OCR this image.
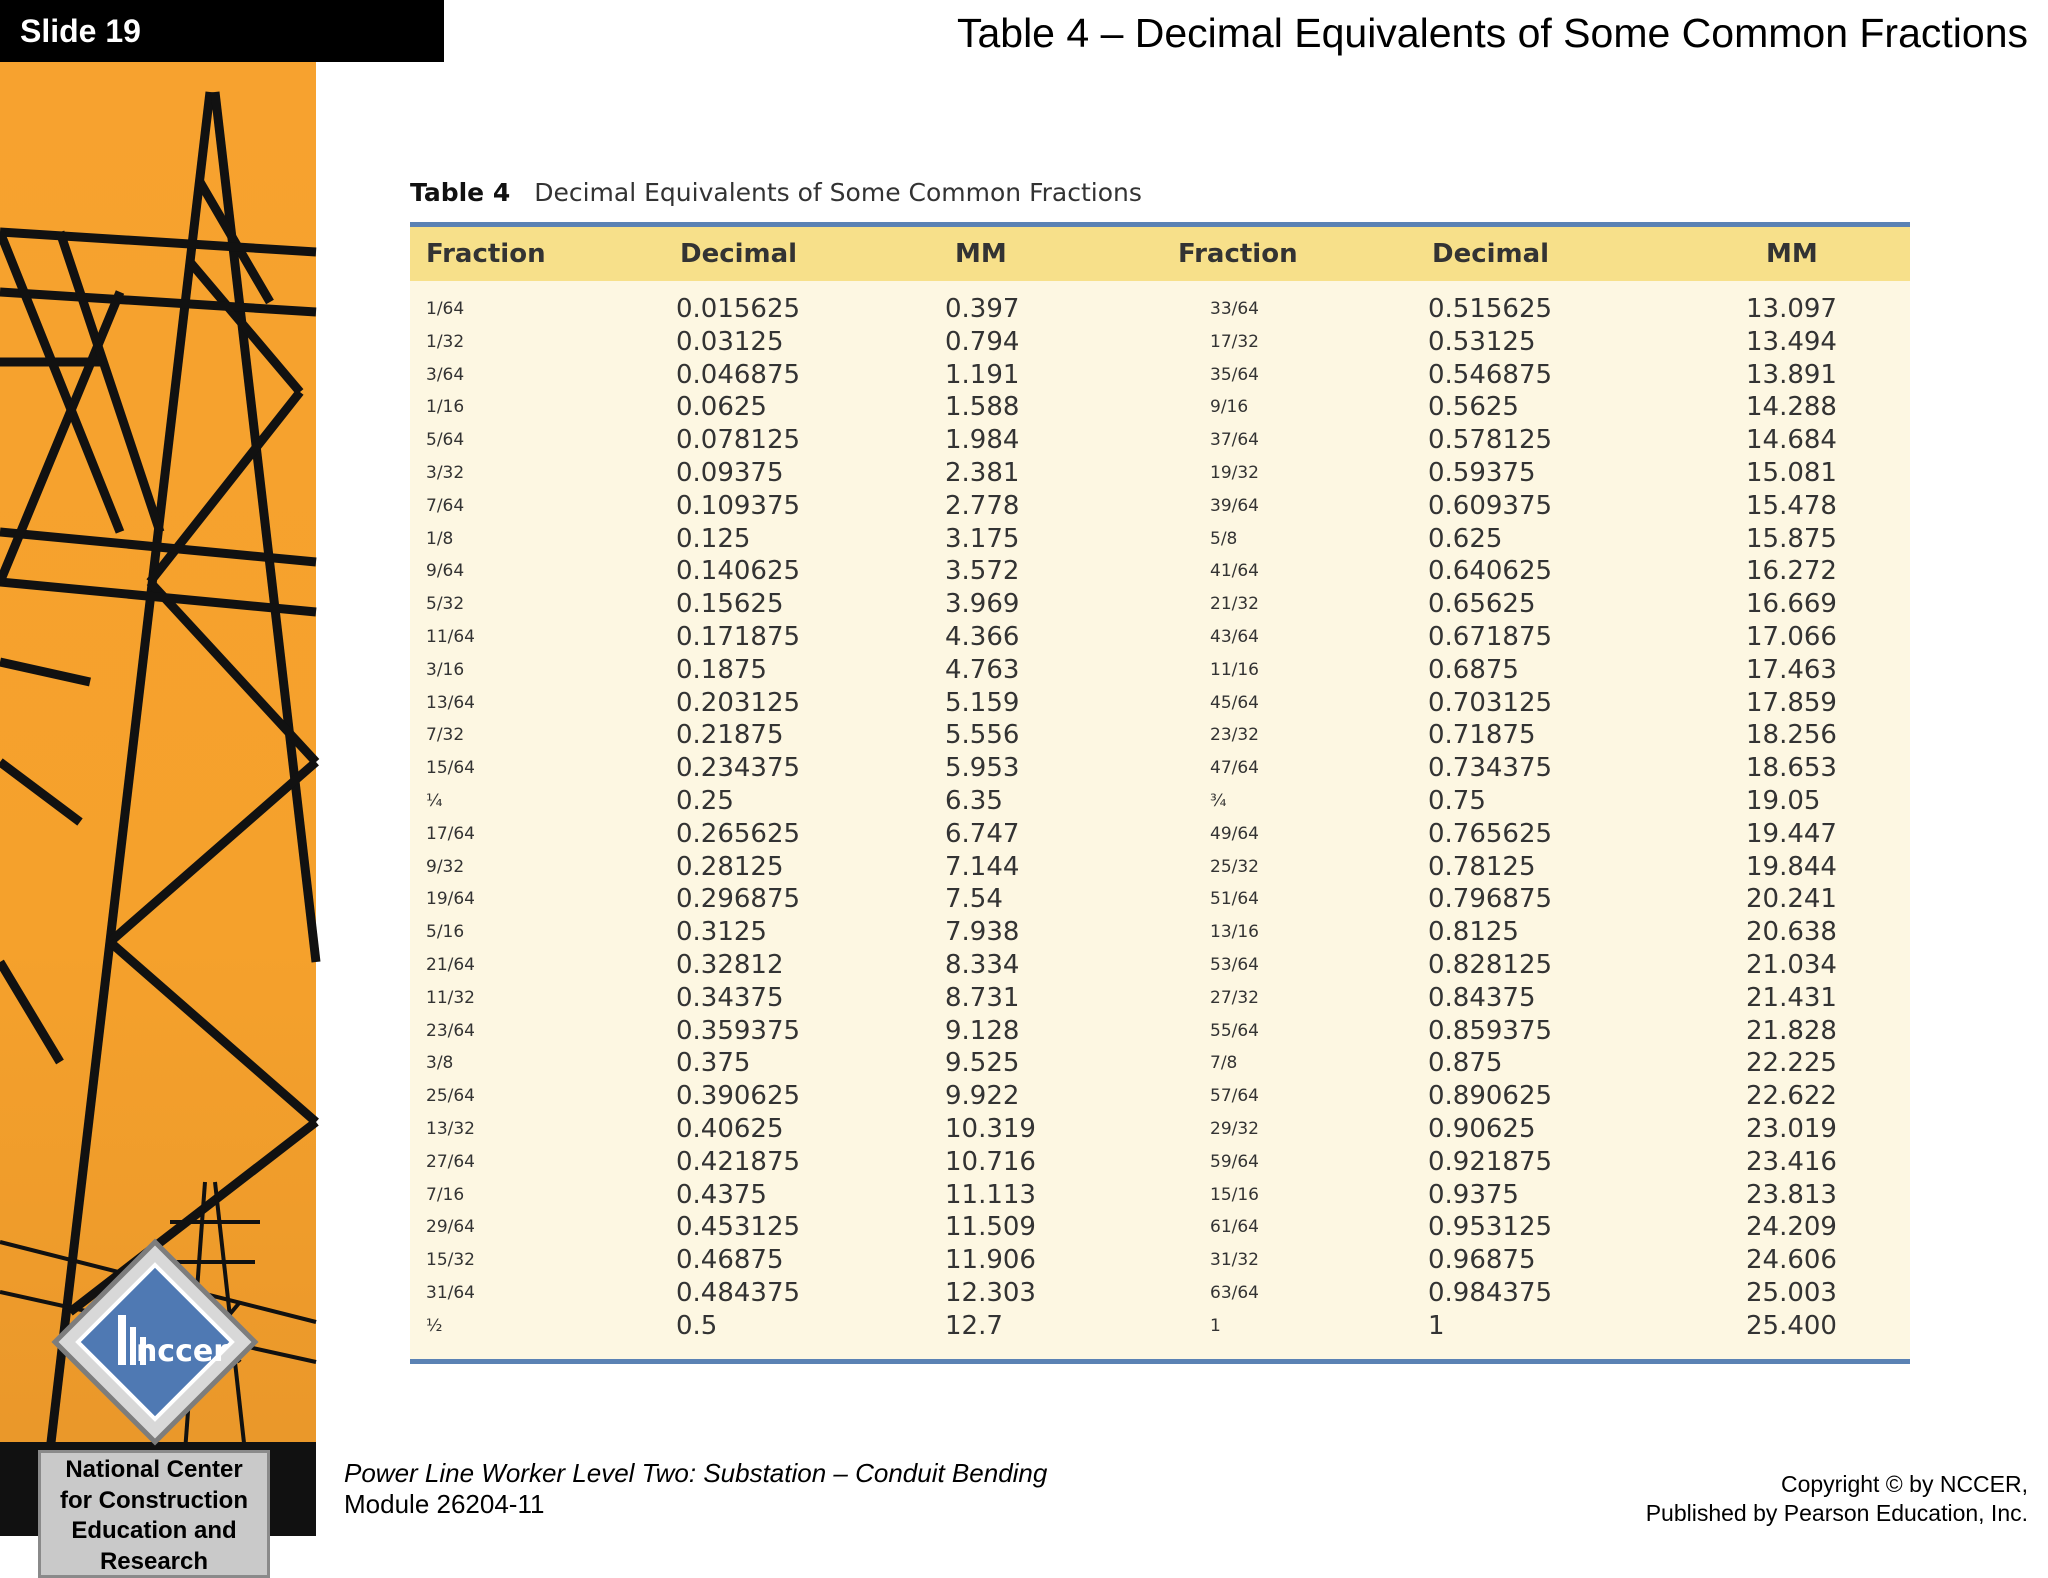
nccer
National Center
for Construction
Education and
Research
Slide 19	Table 4 – Decimal Equivalents of Some Common Fractions
Table 4 Decimal Equivalents of Some Common Fractions
Fraction	Decimal	MM	Fraction	Decimal	MM
1/64	0.015625	0.397	33/64	0.515625	13.097
1/32	0.03125	0.794	17/32	0.53125	13.494
3/64	0.046875	1.191	35/64	0.546875	13.891
1/16	0.0625	1.588	9/16	0.5625	14.288
5/64	0.078125	1.984	37/64	0.578125	14.684
3/32	0.09375	2.381	19/32	0.59375	15.081
7/64	0.109375	2.778	39/64	0.609375	15.478
1/8	0.125	3.175	5/8	0.625	15.875
9/64	0.140625	3.572	41/64	0.640625	16.272
5/32	0.15625	3.969	21/32	0.65625	16.669
11/64	0.171875	4.366	43/64	0.671875	17.066
3/16	0.1875	4.763	11/16	0.6875	17.463
13/64	0.203125	5.159	45/64	0.703125	17.859
7/32	0.21875	5.556	23/32	0.71875	18.256
15/64	0.234375	5.953	47/64	0.734375	18.653
¼	0.25	6.35	¾	0.75	19.05
17/64	0.265625	6.747	49/64	0.765625	19.447
9/32	0.28125	7.144	25/32	0.78125	19.844
19/64	0.296875	7.54	51/64	0.796875	20.241
5/16	0.3125	7.938	13/16	0.8125	20.638
21/64	0.32812	8.334	53/64	0.828125	21.034
11/32	0.34375	8.731	27/32	0.84375	21.431
23/64	0.359375	9.128	55/64	0.859375	21.828
3/8	0.375	9.525	7/8	0.875	22.225
25/64	0.390625	9.922	57/64	0.890625	22.622
13/32	0.40625	10.319	29/32	0.90625	23.019
27/64	0.421875	10.716	59/64	0.921875	23.416
7/16	0.4375	11.113	15/16	0.9375	23.813
29/64	0.453125	11.509	61/64	0.953125	24.209
15/32	0.46875	11.906	31/32	0.96875	24.606
31/64	0.484375	12.303	63/64	0.984375	25.003
½	0.5	12.7	1	1	25.400
Power Line Worker Level Two: Substation – Conduit Bending
Module 26204-11
Copyright © by NCCER,
Published by Pearson Education, Inc.
